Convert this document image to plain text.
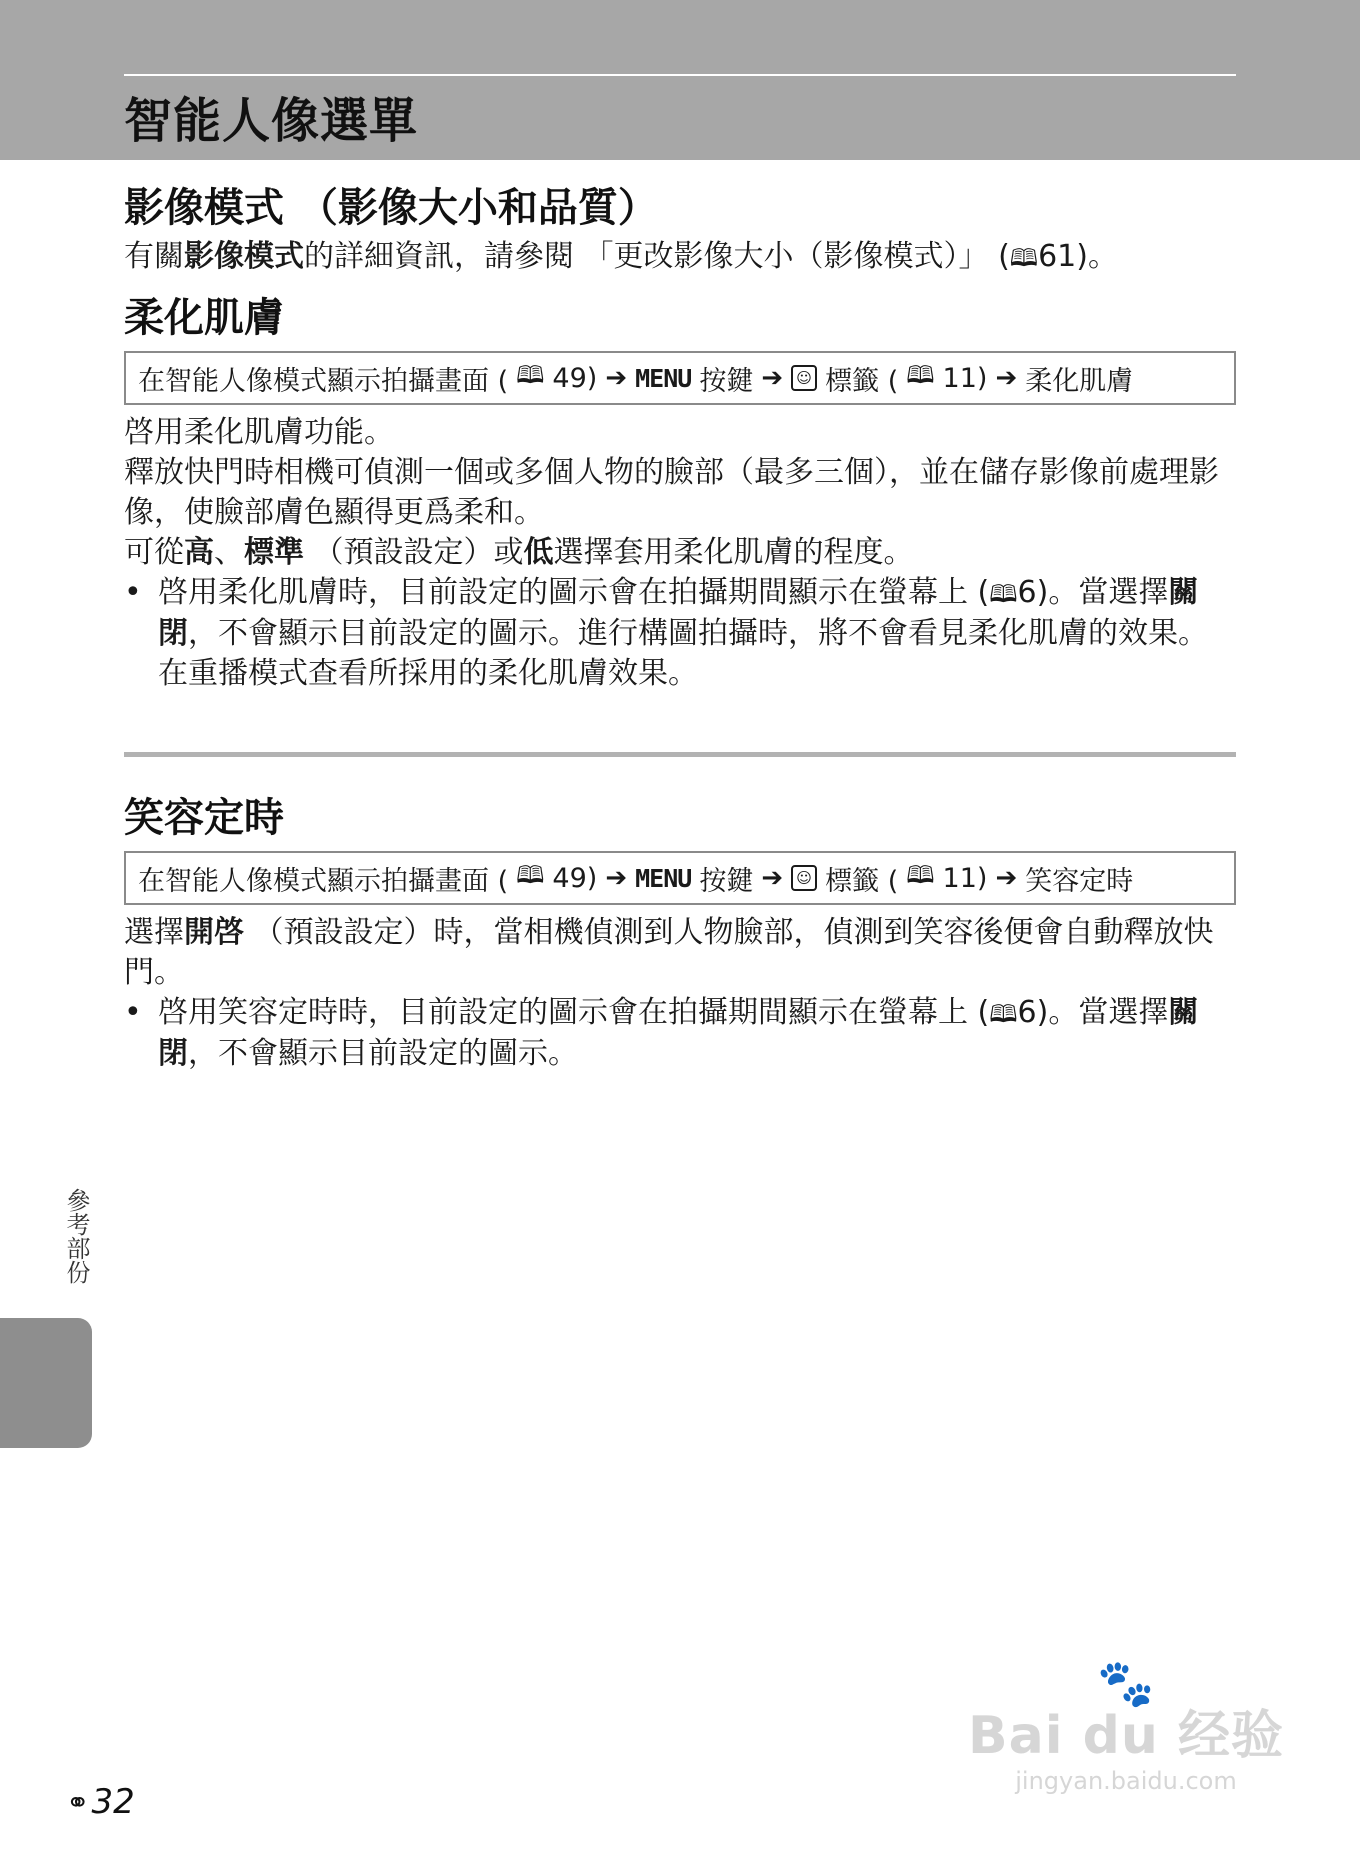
智能人像選單
影像模式 （影像大小和品質）

有關影像模式的詳細資訊，請參閱 「更改影像大小（影像模式）」 (🕮61)。

柔化肌膚
在智能人像模式顯示拍攝畫面 ( 🕮 49) ➔ MENU 按鍵 ➔ ☺ 標籤 ( 🕮 11) ➔ 柔化肌膚

啓用柔化肌膚功能。

釋放快門時相機可偵測一個或多個人物的臉部（最多三個），並在儲存影像前處理影像，使臉部膚色顯得更爲柔和。

可從高、標準 （預設設定）或低選擇套用柔化肌膚的程度。

• 啓用柔化肌膚時，目前設定的圖示會在拍攝期間顯示在螢幕上 (🕮6)。當選擇關閉，不會顯示目前設定的圖示。進行構圖拍攝時，將不會看見柔化肌膚的效果。在重播模式查看所採用的柔化肌膚效果。
笑容定時
在智能人像模式顯示拍攝畫面 ( 🕮 49) ➔ MENU 按鍵 ➔ ☺ 標籤 ( 🕮 11) ➔ 笑容定時

選擇開啓 （預設設定）時，當相機偵測到人物臉部，偵測到笑容後便會自動釋放快門。

• 啓用笑容定時時，目前設定的圖示會在拍攝期間顯示在螢幕上 (🕮6)。當選擇關閉，不會顯示目前設定的圖示。
參考部份
⚭ 32
🐾
Bai du 经验
jingyan.baidu.com
